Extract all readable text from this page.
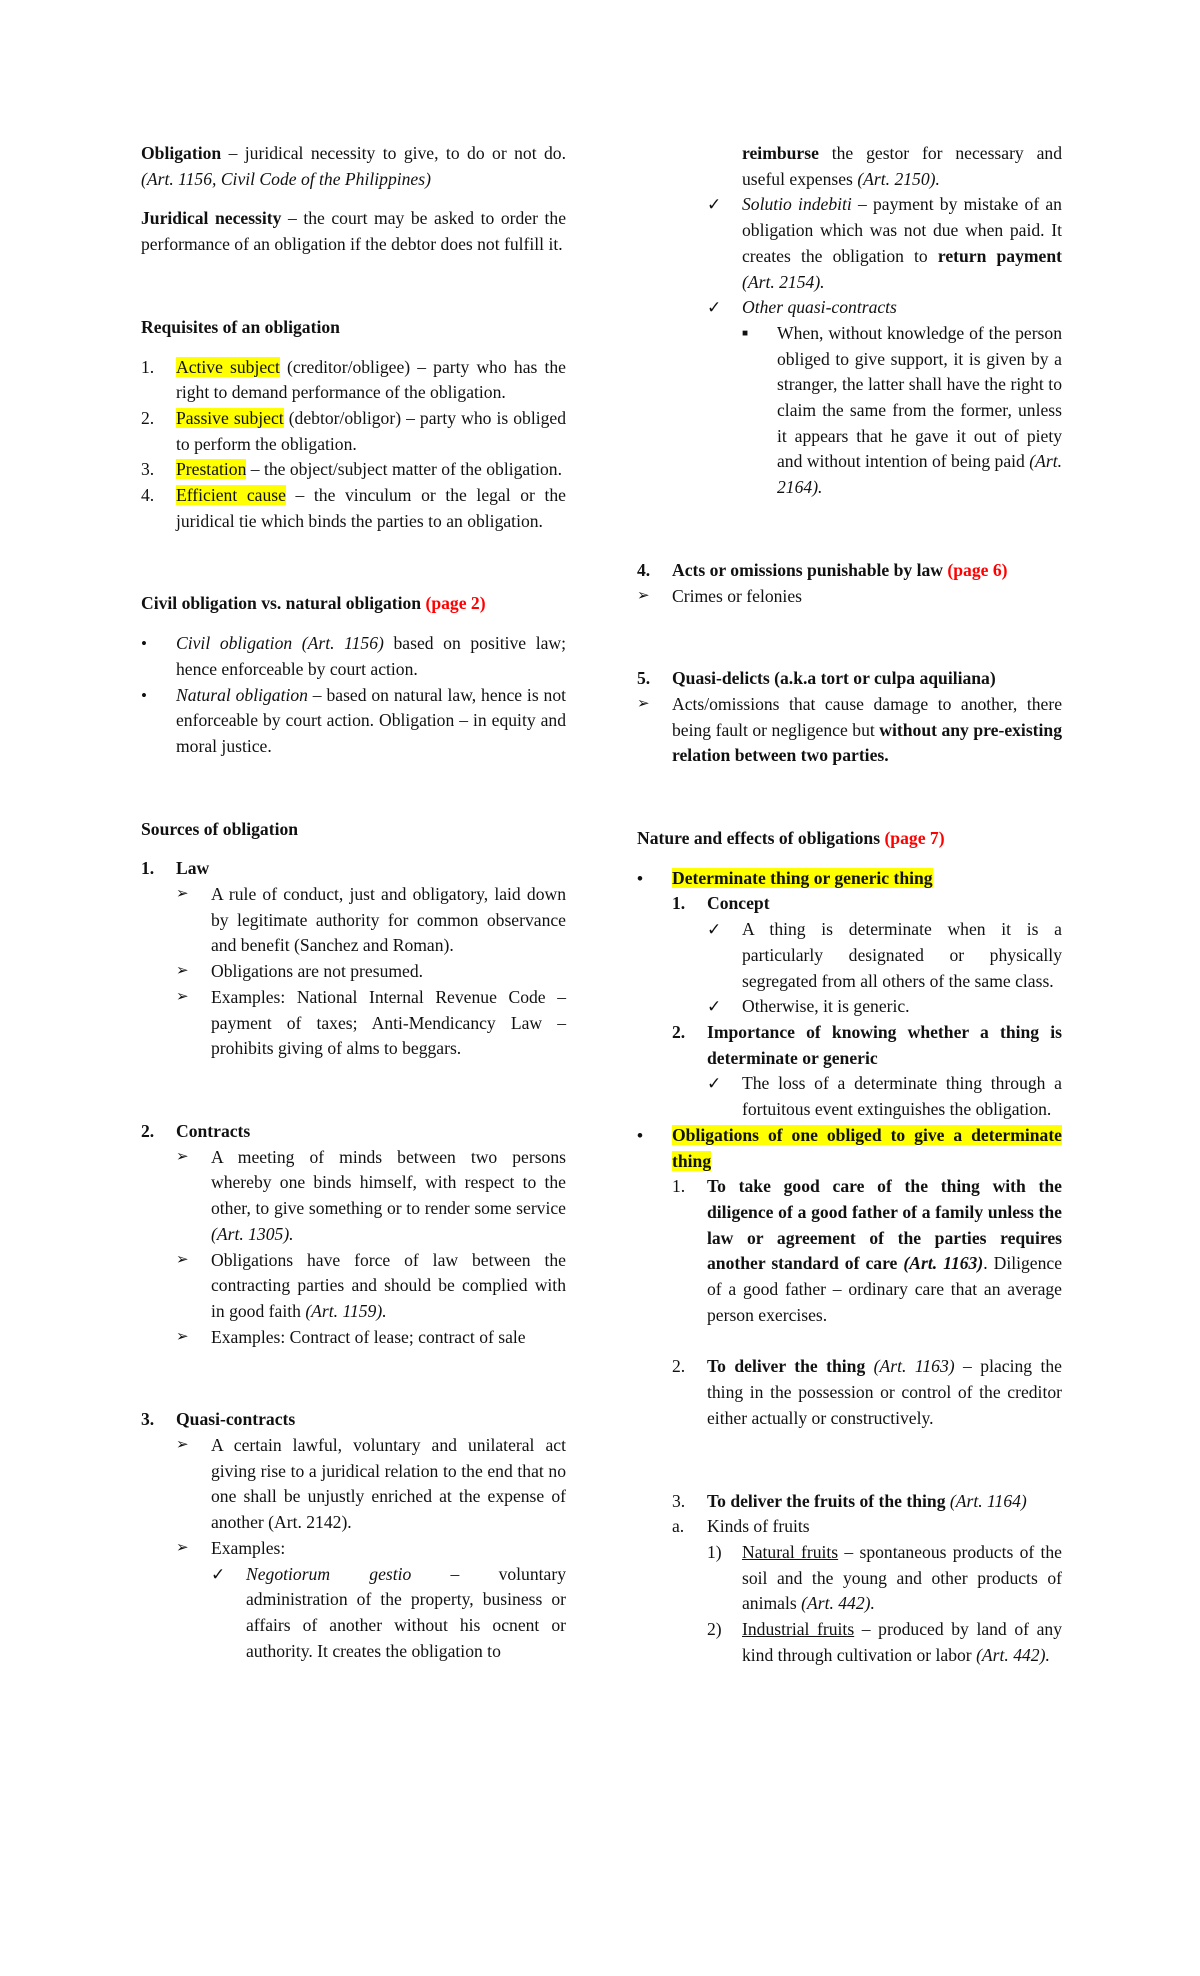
Obligation – juridical necessity to give, to do or not do. (Art. 1156, Civil Code of the Philippines)

Juridical necessity – the court may be asked to order the performance of an obligation if the debtor does not fulfill it.

Requisites of an obligation

1. Active subject (creditor/obligee) – party who has the right to demand performance of the obligation.
2. Passive subject (debtor/obligor) – party who is obliged to perform the obligation.
3. Prestation – the object/subject matter of the obligation.
4. Efficient cause – the vinculum or the legal or the juridical tie which binds the parties to an obligation.

Civil obligation vs. natural obligation (page 2)

• Civil obligation (Art. 1156) based on positive law; hence enforceable by court action.
• Natural obligation – based on natural law, hence is not enforceable by court action. Obligation – in equity and moral justice.

Sources of obligation

1. Law
➢ A rule of conduct, just and obligatory, laid down by legitimate authority for common observance and benefit (Sanchez and Roman).
➢ Obligations are not presumed.
➢ Examples: National Internal Revenue Code – payment of taxes; Anti-Mendicancy Law – prohibits giving of alms to beggars.
2. Contracts
➢ A meeting of minds between two persons whereby one binds himself, with respect to the other, to give something or to render some service (Art. 1305).
➢ Obligations have force of law between the contracting parties and should be complied with in good faith (Art. 1159).
➢ Examples: Contract of lease; contract of sale
3. Quasi-contracts
➢ A certain lawful, voluntary and unilateral act giving rise to a juridical relation to the end that no one shall be unjustly enriched at the expense of another (Art. 2142).
➢ Examples:
✓ Negotiorum gestio – voluntary administration of the property, business or affairs of another without his ocnent or authority. It creates the obligation to
reimburse the gestor for necessary and useful expenses (Art. 2150).
✓ Solutio indebiti – payment by mistake of an obligation which was not due when paid. It creates the obligation to return payment (Art. 2154).
✓ Other quasi-contracts
■ When, without knowledge of the person obliged to give support, it is given by a stranger, the latter shall have the right to claim the same from the former, unless it appears that he gave it out of piety and without intention of being paid (Art. 2164).
4. Acts or omissions punishable by law (page 6)
➢ Crimes or felonies
5. Quasi-delicts (a.k.a tort or culpa aquiliana)
➢ Acts/omissions that cause damage to another, there being fault or negligence but without any pre-existing relation between two parties.

Nature and effects of obligations (page 7)

• Determinate thing or generic thing
1. Concept
✓ A thing is determinate when it is a particularly designated or physically segregated from all others of the same class.
✓ Otherwise, it is generic.
2. Importance of knowing whether a thing is determinate or generic
✓ The loss of a determinate thing through a fortuitous event extinguishes the obligation.
• Obligations of one obliged to give a determinate thing
1. To take good care of the thing with the diligence of a good father of a family unless the law or agreement of the parties requires another standard of care (Art. 1163). Diligence of a good father – ordinary care that an average person exercises.
2. To deliver the thing (Art. 1163) – placing the thing in the possession or control of the creditor either actually or constructively.
3. To deliver the fruits of the thing (Art. 1164)
a. Kinds of fruits
1) Natural fruits – spontaneous products of the soil and the young and other products of animals (Art. 442).
2) Industrial fruits – produced by land of any kind through cultivation or labor (Art. 442).
